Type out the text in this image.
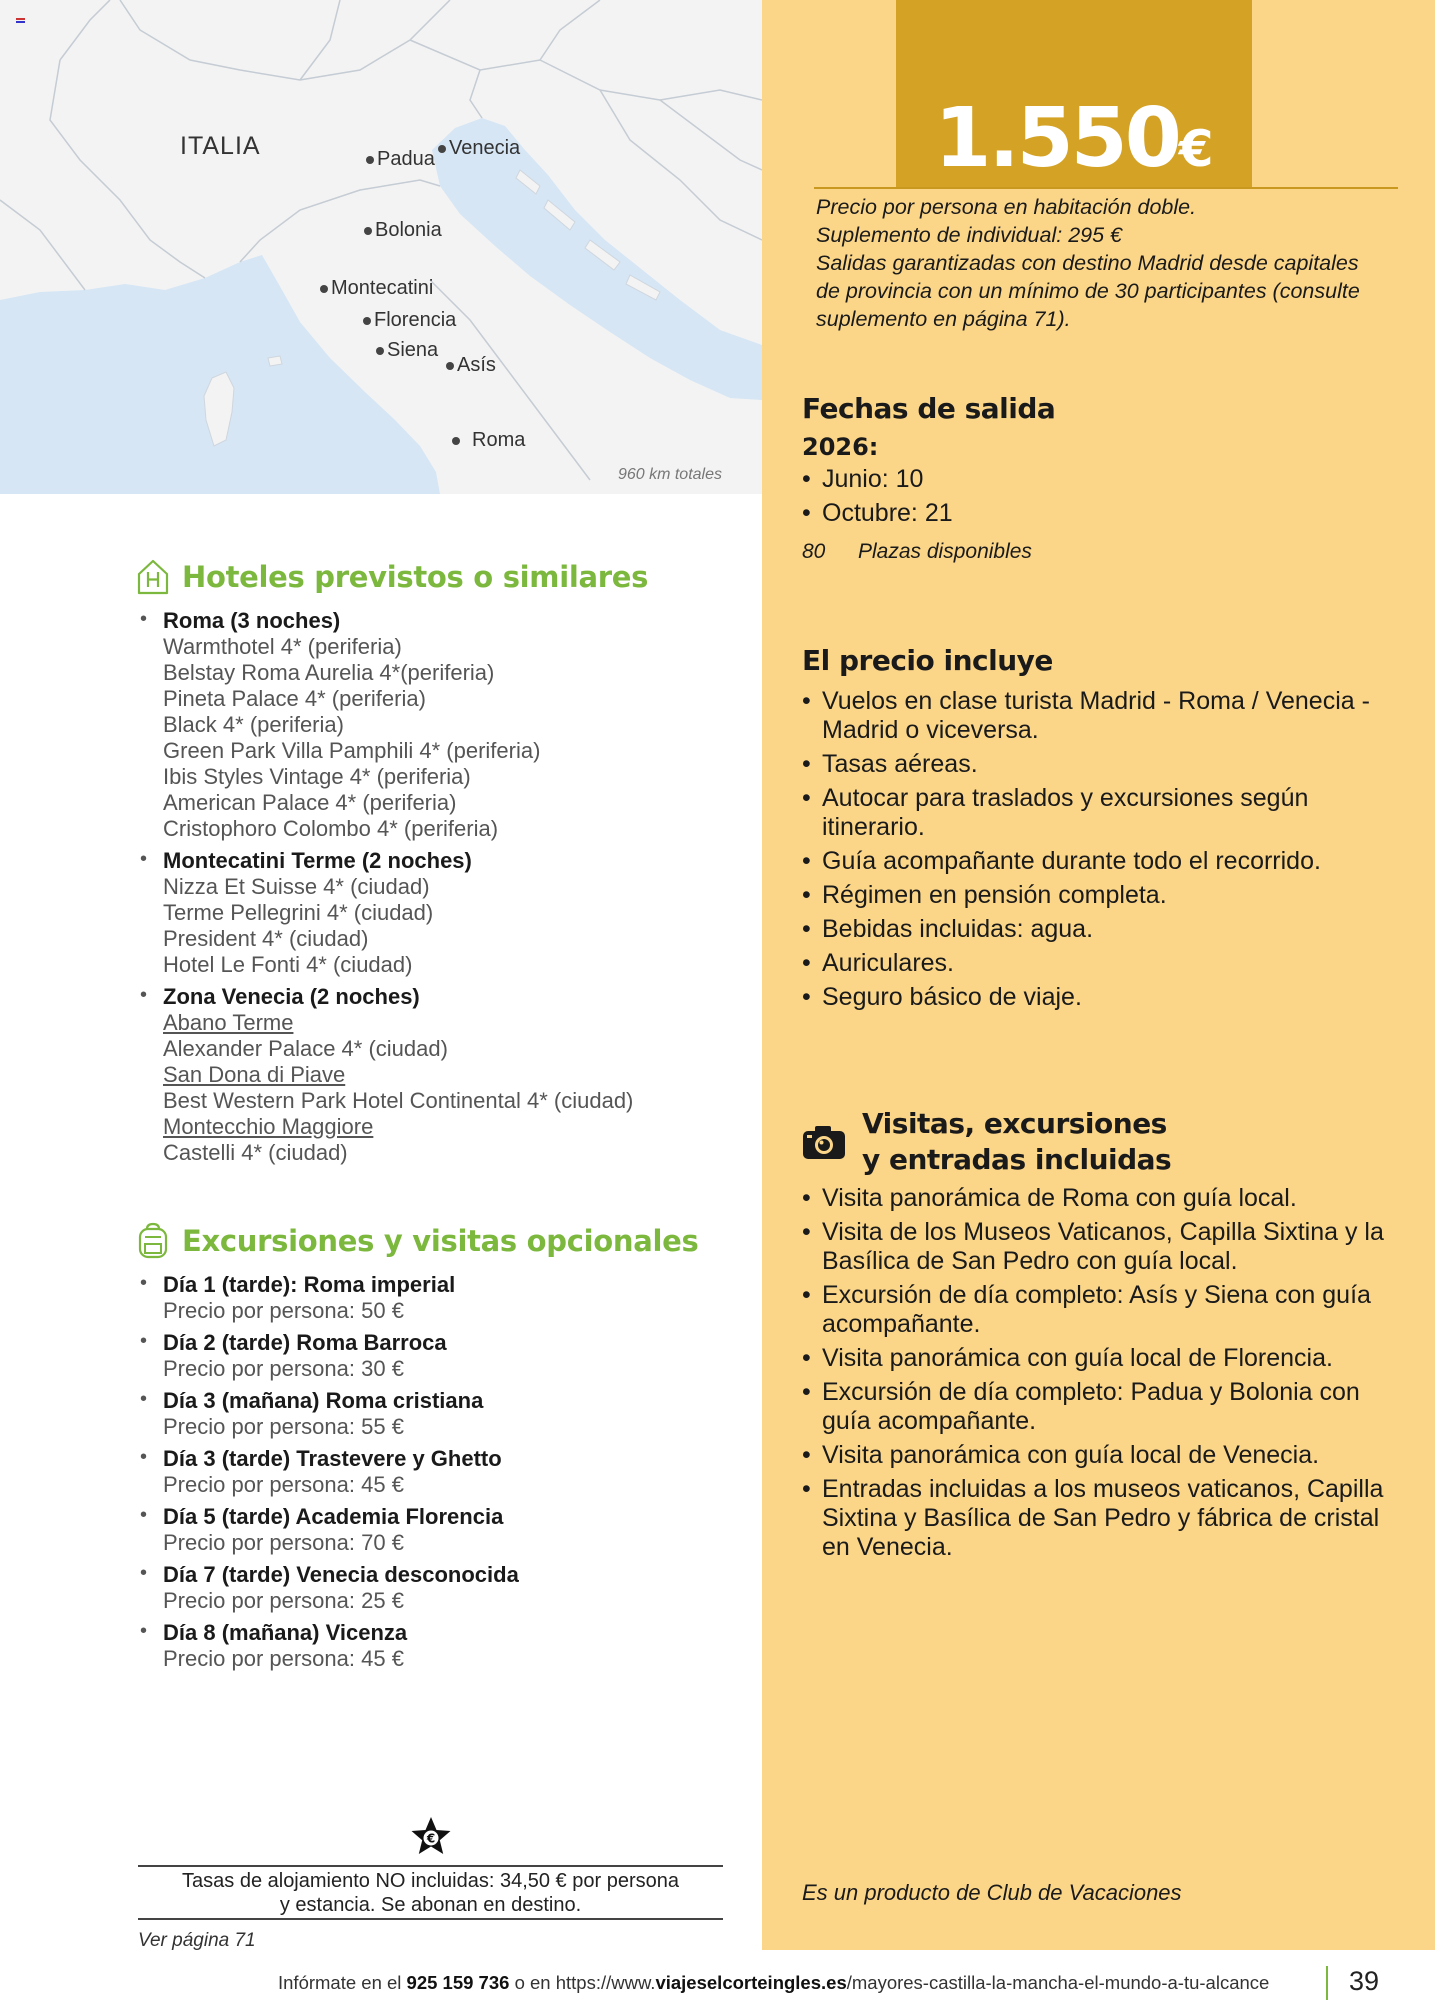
ITALIA	Padua Venecia
Bolonia
Montecatini
Florencia
Siena
Asís
Roma
960 km totales
1.550€
Precio por persona en habitación doble.
Suplemento de individual: 295 €
Salidas garantizadas con destino Madrid desde capitales de provincia con un mínimo de 30 participantes (consulte suplemento en página 71).
Fechas de salida
2026:
• Junio: 10
• Octubre: 21
80 Plazas disponibles
El precio incluye
• Vuelos en clase turista Madrid - Roma / Venecia - Madrid o viceversa.
• Tasas aéreas.
• Autocar para traslados y excursiones según itinerario.
• Guía acompañante durante todo el recorrido.
• Régimen en pensión completa.
• Bebidas incluidas: agua.
• Auriculares.
• Seguro básico de viaje.
Visitas, excursiones
y entradas incluidas
• Visita panorámica de Roma con guía local.
• Visita de los Museos Vaticanos, Capilla Sixtina y la Basílica de San Pedro con guía local.
• Excursión de día completo: Asís y Siena con guía acompañante.
• Visita panorámica con guía local de Florencia.
• Excursión de día completo: Padua y Bolonia con guía acompañante.
• Visita panorámica con guía local de Venecia.
• Entradas incluidas a los museos vaticanos, Capilla Sixtina y Basílica de San Pedro y fábrica de cristal en Venecia.
Es un producto de Club de Vacaciones
Hoteles previstos o similares
• Roma (3 noches)
Warmthotel 4* (periferia)
Belstay Roma Aurelia 4*(periferia)
Pineta Palace 4* (periferia)
Black 4* (periferia)
Green Park Villa Pamphili 4* (periferia)
Ibis Styles Vintage 4* (periferia)
American Palace 4* (periferia)
Cristophoro Colombo 4* (periferia)
• Montecatini Terme (2 noches)
Nizza Et Suisse 4* (ciudad)
Terme Pellegrini 4* (ciudad)
President 4* (ciudad)
Hotel Le Fonti 4* (ciudad)
• Zona Venecia (2 noches)
Abano Terme
Alexander Palace 4* (ciudad)
San Dona di Piave
Best Western Park Hotel Continental 4* (ciudad)
Montecchio Maggiore
Castelli 4* (ciudad)
Excursiones y visitas opcionales
• Día 1 (tarde): Roma imperial
Precio por persona: 50 €
• Día 2 (tarde) Roma Barroca
Precio por persona: 30 €
• Día 3 (mañana) Roma cristiana
Precio por persona: 55 €
• Día 3 (tarde) Trastevere y Ghetto
Precio por persona: 45 €
• Día 5 (tarde) Academia Florencia
Precio por persona: 70 €
• Día 7 (tarde) Venecia desconocida
Precio por persona: 25 €
• Día 8 (mañana) Vicenza
Precio por persona: 45 €
€
Tasas de alojamiento NO incluidas: 34,50 € por persona
y estancia. Se abonan en destino.
Ver página 71
Infórmate en el 925 159 736 o en https://www.viajeselcorteingles.es/mayores-castilla-la-mancha-el-mundo-a-tu-alcance	39
